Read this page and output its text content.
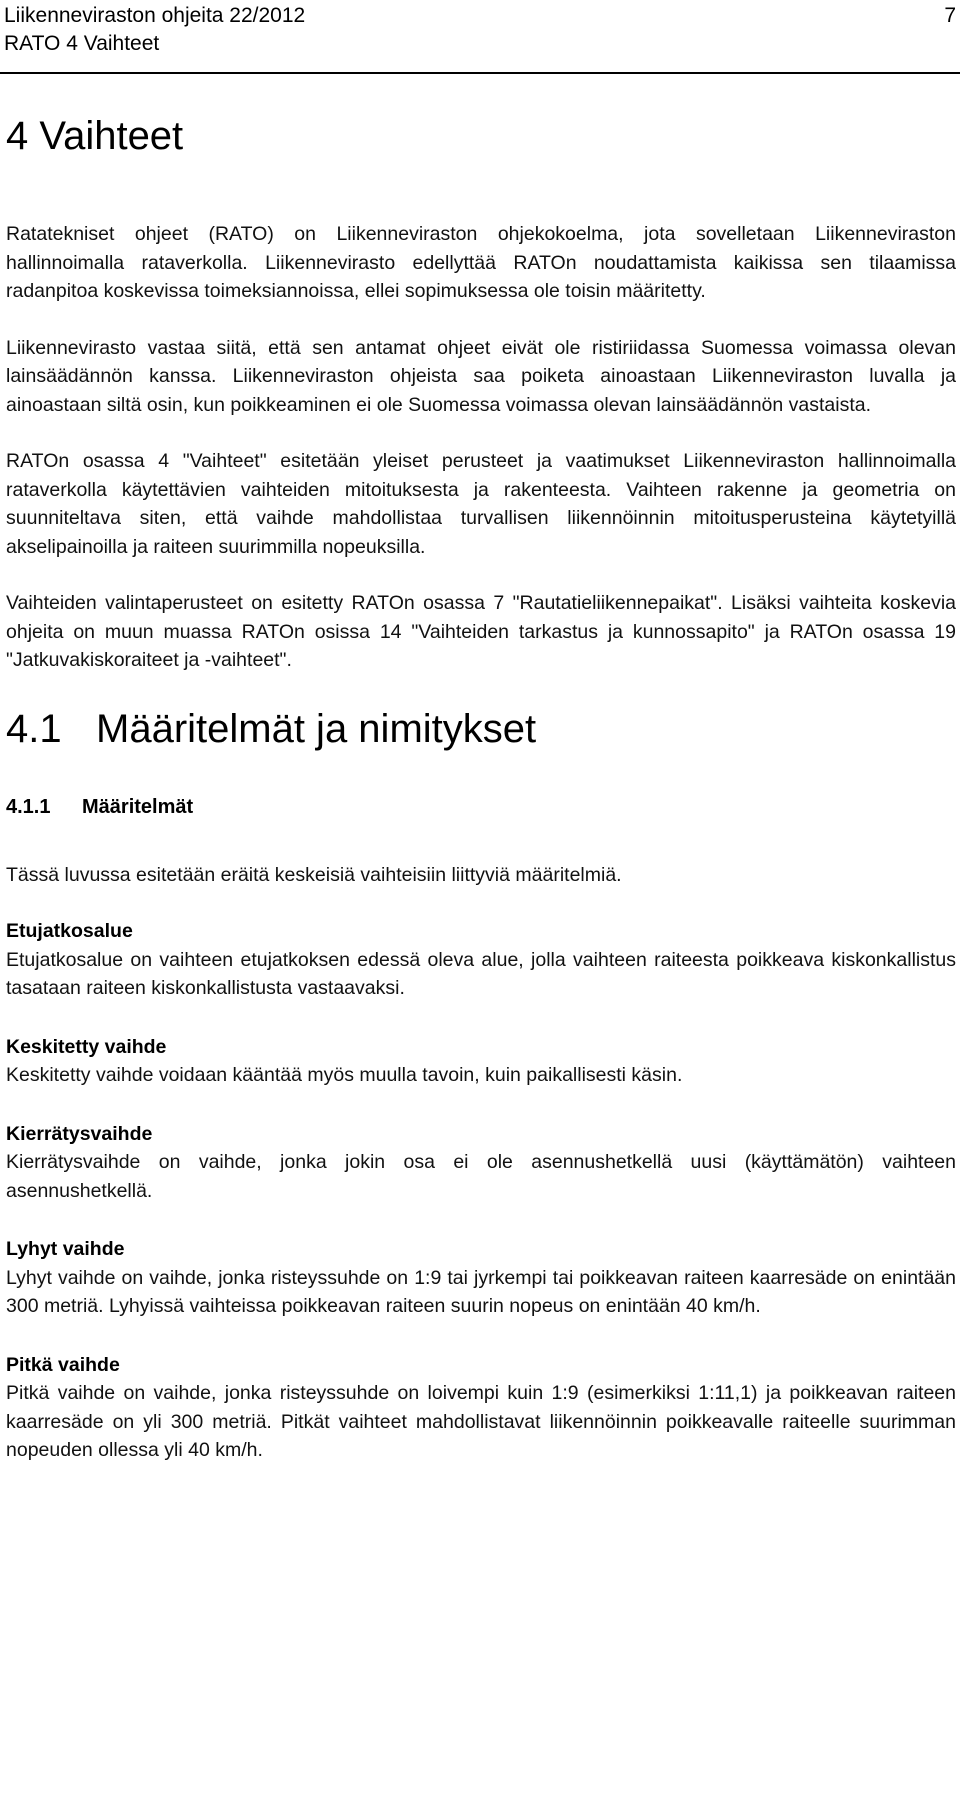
Liikenneviraston ohjeita 22/2012
RATO 4 Vaihteet
7
4 Vaihteet

Ratatekniset ohjeet (RATO) on Liikenneviraston ohjekokoelma, jota sovelletaan Liikenneviraston hallinnoimalla rataverkolla. Liikennevirasto edellyttää RATOn noudattamista kaikissa sen tilaamissa radanpitoa koskevissa toimeksiannoissa, ellei sopimuksessa ole toisin määritetty.

Liikennevirasto vastaa siitä, että sen antamat ohjeet eivät ole ristiriidassa Suomessa voimassa olevan lainsäädännön kanssa. Liikenneviraston ohjeista saa poiketa ainoastaan Liikenneviraston luvalla ja ainoastaan siltä osin, kun poikkeaminen ei ole Suomessa voimassa olevan lainsäädännön vastaista.

RATOn osassa 4 "Vaihteet" esitetään yleiset perusteet ja vaatimukset Liikenneviraston hallinnoimalla rataverkolla käytettävien vaihteiden mitoituksesta ja rakenteesta. Vaihteen rakenne ja geometria on suunniteltava siten, että vaihde mahdollistaa turvallisen liikennöinnin mitoitusperusteina käytetyillä akselipainoilla ja raiteen suurimmilla nopeuksilla.

Vaihteiden valintaperusteet on esitetty RATOn osassa 7 "Rautatieliikennepaikat". Lisäksi vaihteita koskevia ohjeita on muun muassa RATOn osissa 14 "Vaihteiden tarkastus ja kunnossapito" ja RATOn osassa 19 "Jatkuvakiskoraiteet ja -vaihteet".

4.1 Määritelmät ja nimitykset
4.1.1	Määritelmät

Tässä luvussa esitetään eräitä keskeisiä vaihteisiin liittyviä määritelmiä.

Etujatkosalue
Etujatkosalue on vaihteen etujatkoksen edessä oleva alue, jolla vaihteen raiteesta poikkeava kiskonkallistus tasataan raiteen kiskonkallistusta vastaavaksi.
Keskitetty vaihde
Keskitetty vaihde voidaan kääntää myös muulla tavoin, kuin paikallisesti käsin.
Kierrätysvaihde
Kierrätysvaihde on vaihde, jonka jokin osa ei ole asennushetkellä uusi (käyttämätön) vaihteen asennushetkellä.
Lyhyt vaihde
Lyhyt vaihde on vaihde, jonka risteyssuhde on 1:9 tai jyrkempi tai poikkeavan raiteen kaarresäde on enintään 300 metriä. Lyhyissä vaihteissa poikkeavan raiteen suurin nopeus on enintään 40 km/h.
Pitkä vaihde
Pitkä vaihde on vaihde, jonka risteyssuhde on loivempi kuin 1:9 (esimerkiksi 1:11,1) ja poikkeavan raiteen kaarresäde on yli 300 metriä. Pitkät vaihteet mahdollistavat liikennöinnin poikkeavalle raiteelle suurimman nopeuden ollessa yli 40 km/h.
